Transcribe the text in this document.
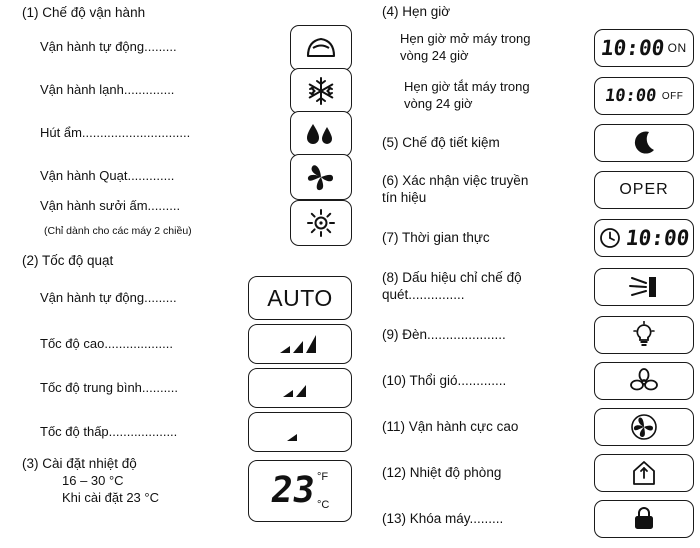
(1) Chế độ vận hành

Vận hành tự động.........

Vận hành lạnh..............

Hút ẩm..............................

Vận hành Quạt.............

Vận hành sưởi ấm.........

(Chỉ dành cho các máy 2 chiều)

(2) Tốc độ quạt

Vận hành tự động.........	AUTO

Tốc độ cao...................

Tốc độ trung bình..........

Tốc độ thấp...................

(3) Cài đặt nhiệt độ

16 – 30 °C

Khi cài đặt 23 °C	23 °F
°C

(4) Hẹn giờ

Hẹn giờ mở máy trong vòng 24 giờ	10:00 ON

Hẹn giờ tắt máy trong vòng 24 giờ	10:00 OFF

(5) Chế độ tiết kiệm

(6) Xác nhận việc truyền tín hiệu	OPER

(7) Thời gian thực	10:00

(8) Dấu hiệu chỉ chế độ quét...............

(9) Đèn.....................

(10) Thổi gió.............

(11) Vận hành cực cao

(12) Nhiệt độ phòng

(13) Khóa máy.........
